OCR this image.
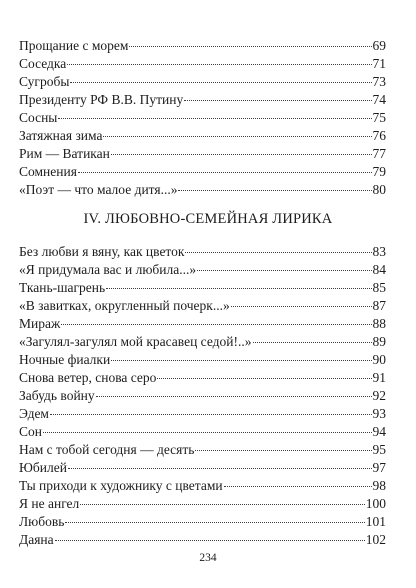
Прощание с морем	69
Соседка	71
Сугробы	73
Президенту РФ В.В. Путину	74
Сосны	75
Затяжная зима	76
Рим — Ватикан	77
Сомнения	79
«Поэт — что малое дитя...»	80
IV. ЛЮБОВНО-СЕМЕЙНАЯ ЛИРИКА
Без любви я вяну, как цветок	83
«Я придумала вас и любила...»	84
Ткань-шагрень	85
«В завитках, округленный почерк...»	87
Мираж	88
«Загулял-загулял мой красавец седой!..»	89
Ночные фиалки	90
Снова ветер, снова серо	91
Забудь войну	92
Эдем	93
Сон	94
Нам с тобой сегодня — десять	95
Юбилей	97
Ты приходи к художнику с цветами	98
Я не ангел	100
Любовь	101
Даяна	102
234
